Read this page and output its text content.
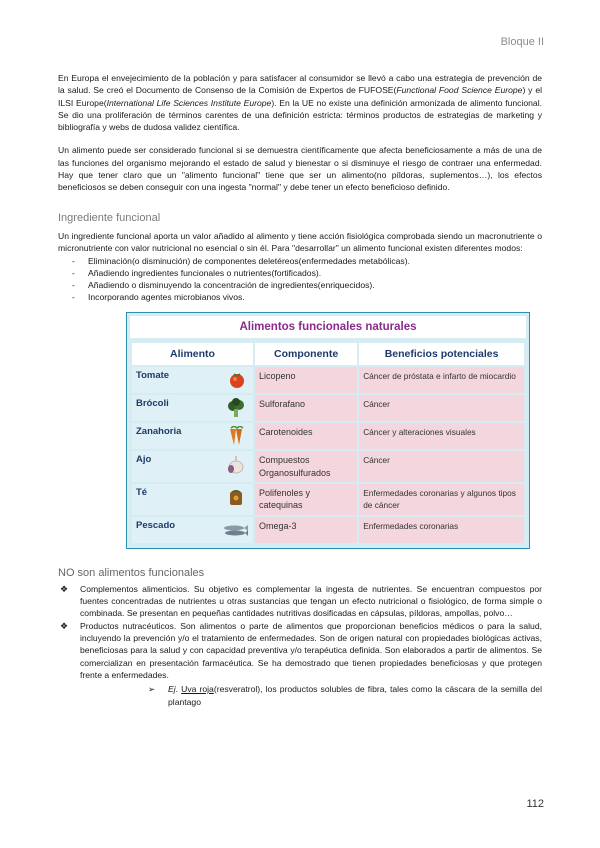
Bloque II

En Europa el envejecimiento de la población y para satisfacer al consumidor se llevó a cabo una estrategia de prevención de la salud. Se creó el Documento de Consenso de la Comisión de Expertos de FUFOSE(Functional Food Science Europe) y el ILSI Europe(International Life Sciences Institute Europe). En la UE no existe una definición armonizada de alimento funcional. Se dio una proliferación de términos carentes de una definición estricta: términos productos de estrategias de marketing y bibliografía y webs de dudosa validez científica.

Un alimento puede ser considerado funcional si se demuestra científicamente que afecta beneficiosamente a más de una de las funciones del organismo mejorando el estado de salud y bienestar o si disminuye el riesgo de contraer una enfermedad. Hay que tener claro que un "alimento funcional" tiene que ser un alimento(no píldoras, suplementos…), los efectos beneficiosos se deben conseguir con una ingesta "normal" y debe tener un efecto beneficioso definido.

Ingrediente funcional

Un ingrediente funcional aporta un valor añadido al alimento y tiene acción fisiológica comprobada siendo un macronutriente o micronutriente con valor nutricional no esencial o sin él. Para "desarrollar" un alimento funcional existen diferentes modos:

- Eliminación(o disminución) de componentes deletéreos(enfermedades metabólicas).
- Añadiendo ingredientes funcionales o nutrientes(fortificados).
- Añadiendo o disminuyendo la concentración de ingredientes(enriquecidos).
- Incorporando agentes microbianos vivos.
Alimentos funcionales naturales
Alimento	Componente	Beneficios potenciales

Tomate	Licopeno	Cáncer de próstata e infarto de miocardio

Brócoli	Sulforafano	Cáncer

Zanahoria	Carotenoides	Cáncer y alteraciones visuales

Ajo	Compuestos Organosulfurados	Cáncer

Té	Polifenoles y catequinas	Enfermedades coronarias y algunos tipos de cáncer

Pescado	Omega-3	Enfermedades coronarias
NO son alimentos funcionales
❖ Complementos alimenticios. Su objetivo es complementar la ingesta de nutrientes. Se encuentran compuestos por fuentes concentradas de nutrientes u otras sustancias que tengan un efecto nutricional o fisiológico, de forma simple o combinada. Se presentan en pequeñas cantidades nutritivas dosificadas en cápsulas, píldoras, ampollas, polvo…
❖ Productos nutracéuticos. Son alimentos o parte de alimentos que proporcionan beneficios médicos o para la salud, incluyendo la prevención y/o el tratamiento de enfermedades. Son de origen natural con propiedades biológicas activas, beneficiosas para la salud y con capacidad preventiva y/o terapéutica definida. Son elaborados a partir de alimentos. Se comercializan en presentación farmacéutica. Se ha demostrado que tienen propiedades beneficiosas y que protegen frente a enfermedades.
➢ Ej. Uva roja(resveratrol), los productos solubles de fibra, tales como la cáscara de la semilla del plantago
112
